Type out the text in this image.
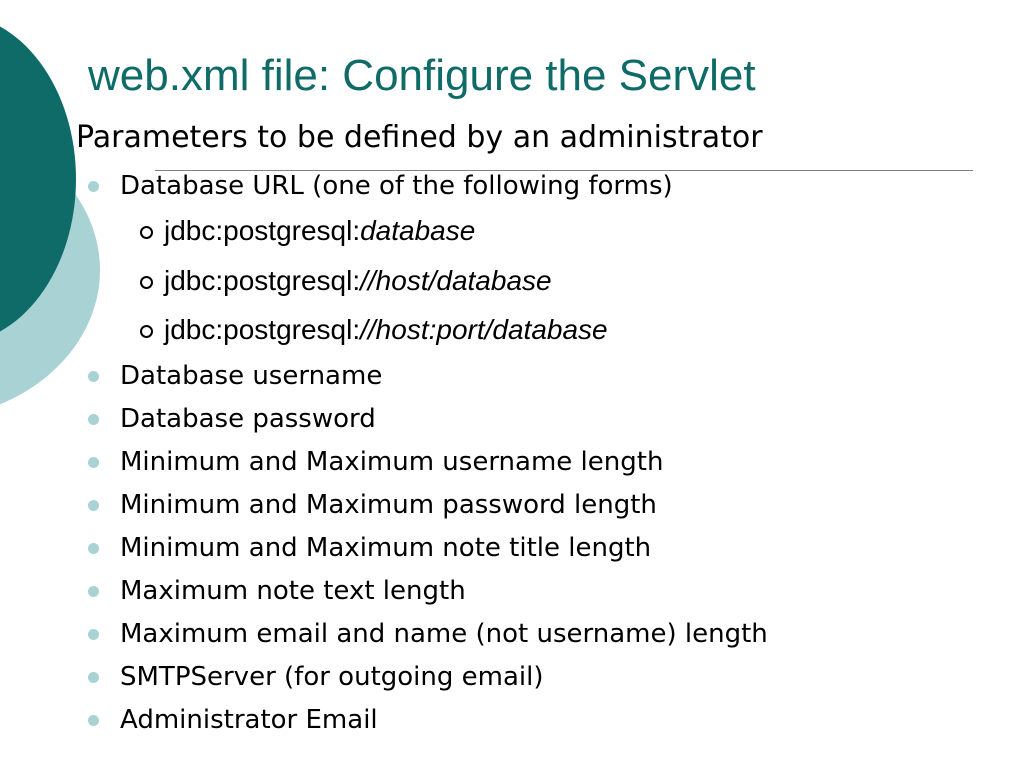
web.xml file: Configure the Servlet
Parameters to be defined by an administrator
Database URL (one of the following forms)
jdbc:postgresql:database
jdbc:postgresql://host/database
jdbc:postgresql://host:port/database
Database username
Database password
Minimum and Maximum username length
Minimum and Maximum password length
Minimum and Maximum note title length
Maximum note text length
Maximum email and name (not username) length
SMTPServer (for outgoing email)
Administrator Email
